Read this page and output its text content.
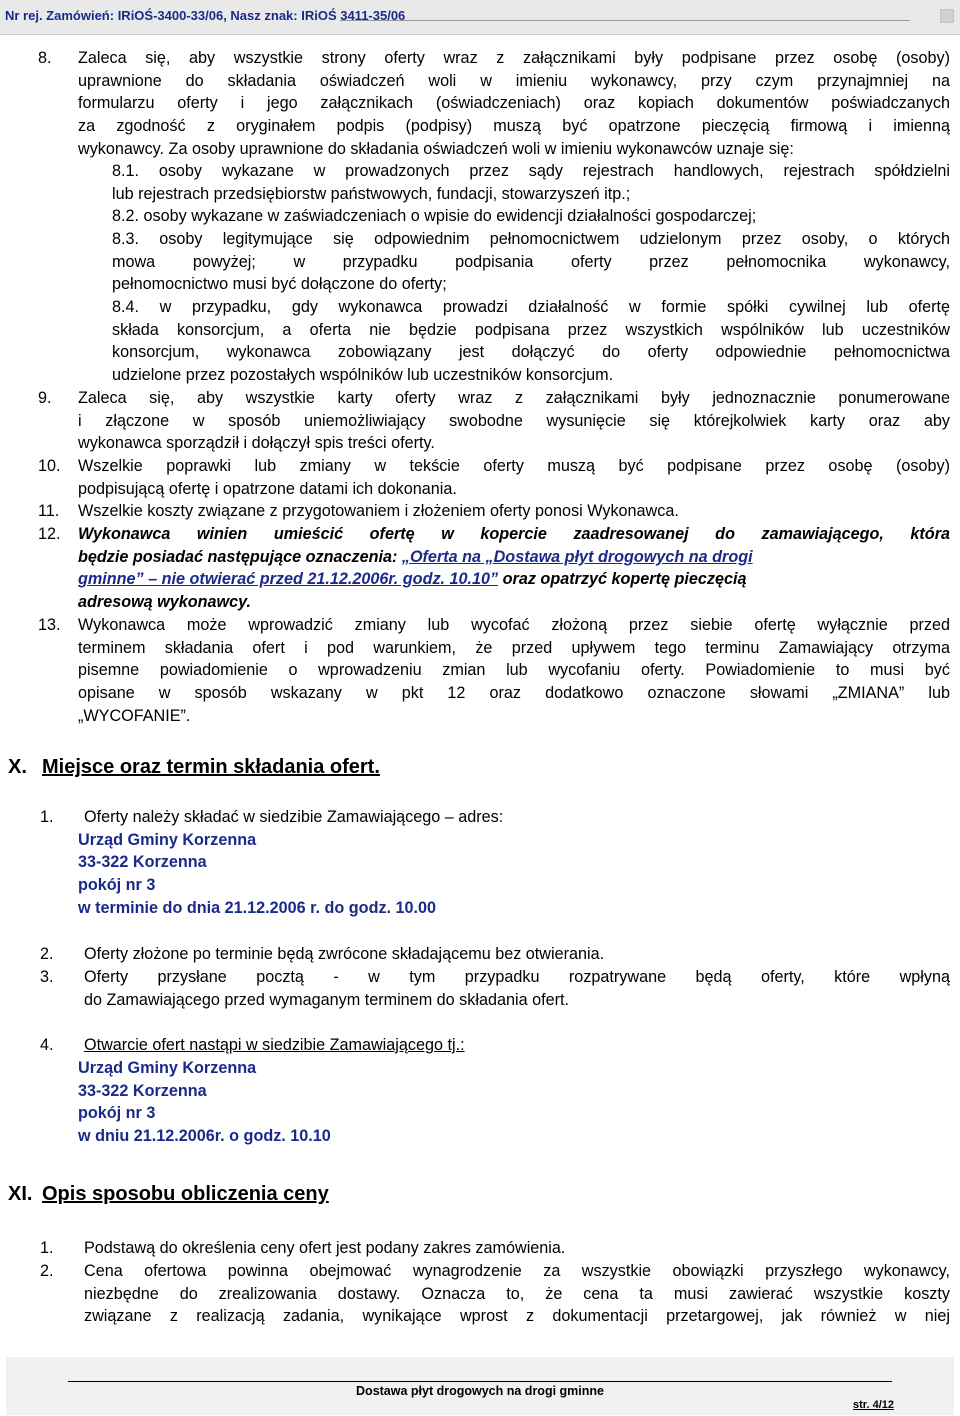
Nr rej. Zamówień: IRiOŚ-3400-33/06, Nasz znak: IRiOŚ 3411-35/06
8. Zaleca się, aby wszystkie strony oferty wraz z załącznikami były podpisane przez osobę (osoby)
uprawnione do składania oświadczeń woli w imieniu wykonawcy, przy czym przynajmniej na
formularzu oferty i jego załącznikach (oświadczeniach) oraz kopiach dokumentów poświadczanych
za zgodność z oryginałem podpis (podpisy) muszą być opatrzone pieczęcią firmową i imienną
wykonawcy. Za osoby uprawnione do składania oświadczeń woli w imieniu wykonawców uznaje się:
8.1. osoby wykazane w prowadzonych przez sądy rejestrach handlowych, rejestrach spółdzielni
lub rejestrach przedsiębiorstw państwowych, fundacji, stowarzyszeń itp.;
8.2. osoby wykazane w zaświadczeniach o wpisie do ewidencji działalności gospodarczej;
8.3. osoby legitymujące się odpowiednim pełnomocnictwem udzielonym przez osoby, o których
mowa powyżej; w przypadku podpisania oferty przez pełnomocnika wykonawcy,
pełnomocnictwo musi być dołączone do oferty;
8.4. w przypadku, gdy wykonawca prowadzi działalność w formie spółki cywilnej lub ofertę
składa konsorcjum, a oferta nie będzie podpisana przez wszystkich wspólników lub uczestników
konsorcjum, wykonawca zobowiązany jest dołączyć do oferty odpowiednie pełnomocnictwa
udzielone przez pozostałych wspólników lub uczestników konsorcjum.
9. Zaleca się, aby wszystkie karty oferty wraz z załącznikami były jednoznacznie ponumerowane
i złączone w sposób uniemożliwiający swobodne wysunięcie się którejkolwiek karty oraz aby
wykonawca sporządził i dołączył spis treści oferty.
10. Wszelkie poprawki lub zmiany w tekście oferty muszą być podpisane przez osobę (osoby)
podpisującą ofertę i opatrzone datami ich dokonania.
11. Wszelkie koszty związane z przygotowaniem i złożeniem oferty ponosi Wykonawca.
12. Wykonawca winien umieścić ofertę w kopercie zaadresowanej do zamawiającego, która
będzie posiadać następujące oznaczenia: „Oferta na „Dostawa płyt drogowych na drogi
gminne” – nie otwierać przed 21.12.2006r. godz. 10.10” oraz opatrzyć kopertę pieczęcią
adresową wykonawcy.
13. Wykonawca może wprowadzić zmiany lub wycofać złożoną przez siebie ofertę wyłącznie przed
terminem składania ofert i pod warunkiem, że przed upływem tego terminu Zamawiający otrzyma
pisemne powiadomienie o wprowadzeniu zmian lub wycofaniu oferty. Powiadomienie to musi być
opisane w sposób wskazany w pkt 12 oraz dodatkowo oznaczone słowami „ZMIANA” lub
„WYCOFANIE”.
X. Miejsce oraz termin składania ofert.
1. Oferty należy składać w siedzibie Zamawiającego – adres:
Urząd Gminy Korzenna
33-322 Korzenna
pokój nr 3
w terminie do dnia 21.12.2006 r. do godz. 10.00
2. Oferty złożone po terminie będą zwrócone składającemu bez otwierania.
3. Oferty przysłane pocztą - w tym przypadku rozpatrywane będą oferty, które wpłyną
do Zamawiającego przed wymaganym terminem do składania ofert.
4. Otwarcie ofert nastąpi w siedzibie Zamawiającego tj.:
Urząd Gminy Korzenna
33-322 Korzenna
pokój nr 3
w dniu 21.12.2006r. o godz. 10.10
XI. Opis sposobu obliczenia ceny
1. Podstawą do określenia ceny ofert jest podany zakres zamówienia.
2. Cena ofertowa powinna obejmować wynagrodzenie za wszystkie obowiązki przyszłego wykonawcy,
niezbędne do zrealizowania dostawy. Oznacza to, że cena ta musi zawierać wszystkie koszty
związane z realizacją zadania, wynikające wprost z dokumentacji przetargowej, jak również w niej
Dostawa płyt drogowych na drogi gminne
str. 4/12
